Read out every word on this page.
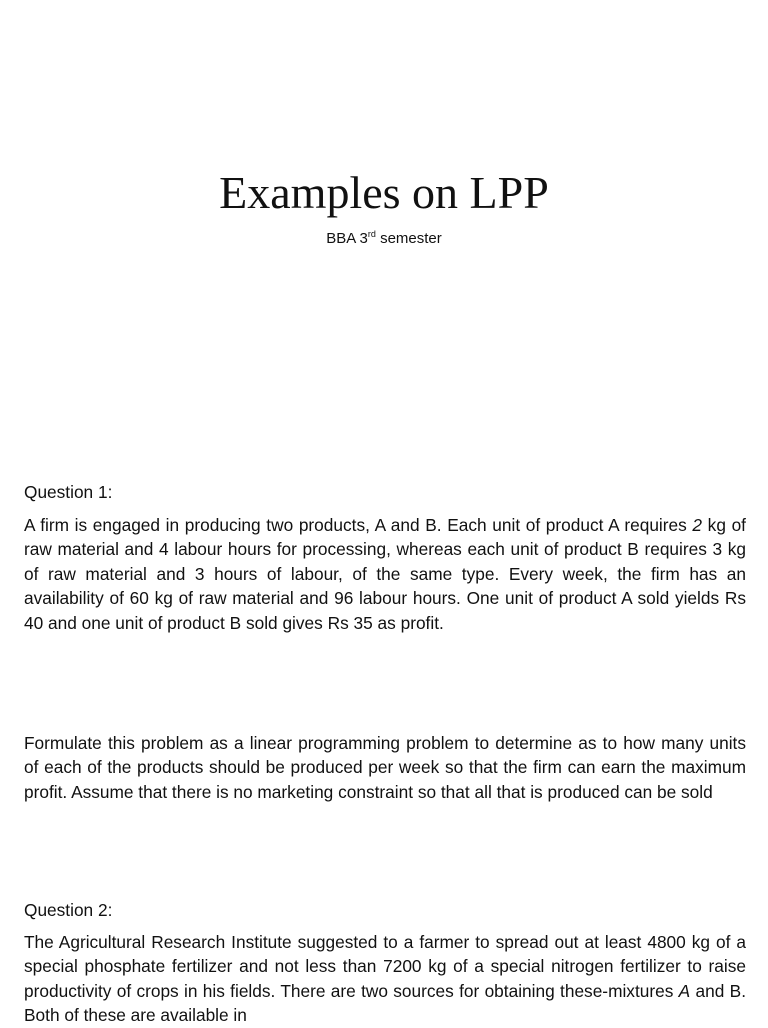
Examples on LPP
BBA 3rd semester

Question 1:

A firm is engaged in producing two products, A and B. Each unit of product A requires 2 kg of raw material and 4 labour hours for processing, whereas each unit of product B requires 3 kg of raw material and 3 hours of labour, of the same type. Every week, the firm has an availability of 60 kg of raw material and 96 labour hours. One unit of product A sold yields Rs 40 and one unit of product B sold gives Rs 35 as profit.

Formulate this problem as a linear programming problem to determine as to how many units of each of the products should be produced per week so that the firm can earn the maximum profit. Assume that there is no marketing constraint so that all that is produced can be sold

Question 2:

The Agricultural Research Institute suggested to a farmer to spread out at least 4800 kg of a special phosphate fertilizer and not less than 7200 kg of a special nitrogen fertilizer to raise productivity of crops in his fields. There are two sources for obtaining these-mixtures A and B. Both of these are available in
